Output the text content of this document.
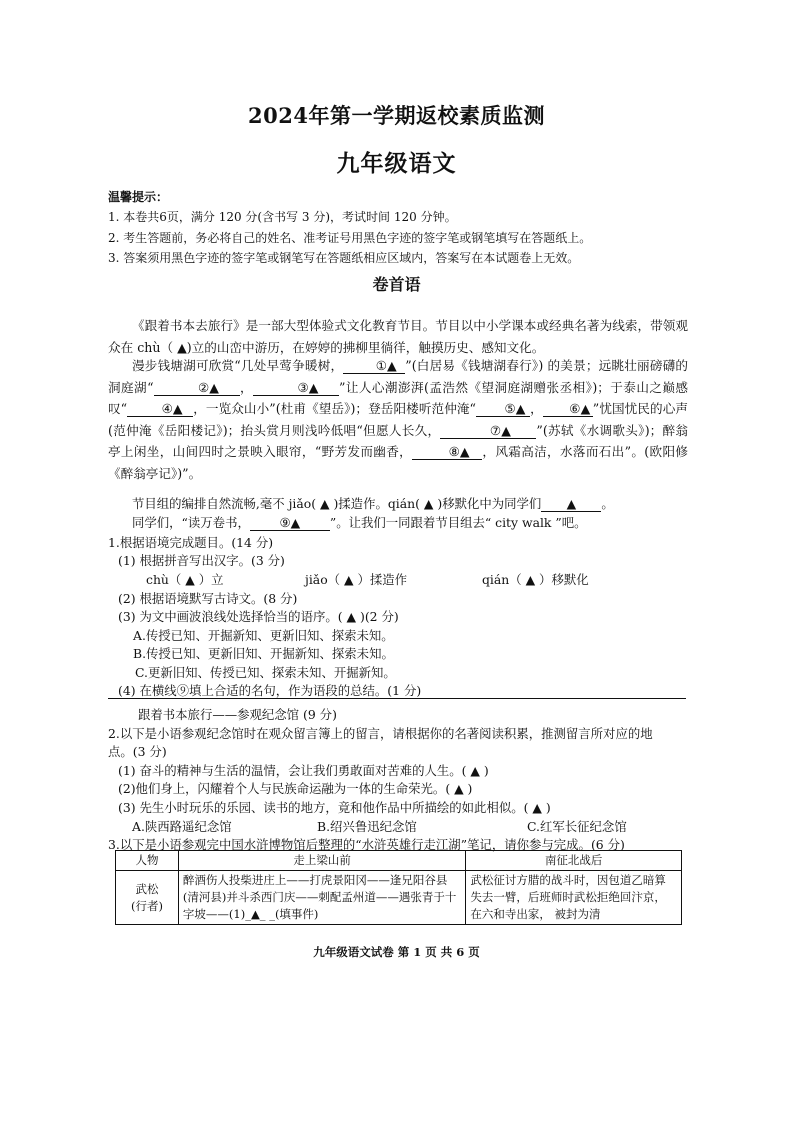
2024年第一学期返校素质监测
九年级语文
温馨提示：
1. 本卷共6页，满分 120 分(含书写 3 分)，考试时间 120 分钟。
2. 考生答题前，务必将自己的姓名、准考证号用黑色字迹的签字笔或钢笔填写在答题纸上。
3. 答案须用黑色字迹的签字笔或钢笔写在答题纸相应区域内，答案写在本试题卷上无效。
卷首语
《跟着书本去旅行》是一部大型体验式文化教育节目。节目以中小学课本或经典名著为线索，带领观众在 chù（ ▲)立的山峦中游历，在婷婷的拂柳里徜徉，触摸历史、感知文化。
漫步钱塘湖可欣赏“几处早莺争暖树，	①▲ ”(白居易《钱塘湖春行》) 的美景；远眺壮丽磅礴的洞庭湖“	②▲ ，	③▲ ”让人心潮澎湃(孟浩然《望洞庭湖赠张丞相》)；于泰山之巅感叹“	④▲ ，一览众山小”(杜甫《望岳》)；登岳阳楼听范仲淹“ ⑤▲ ， ⑥▲ ”忧国忧民的心声(范仲淹《岳阳楼记》)；抬头赏月则浅吟低唱“但愿人长久，	⑦▲ ”(苏轼《水调歌头》)；醉翁亭上闲坐，山间四时之景映入眼帘，“野芳发而幽香，	⑧▲ ，风霜高洁，水落而石出”。(欧阳修《醉翁亭记》)”。
节目组的编排自然流畅,毫不 jiǎo( ▲ )揉造作。qián( ▲ )移默化中为同学们 ▲ 。
同学们，“读万卷书， ⑨▲ ”。让我们一同跟着节目组去“ city walk ”吧。
1.根据语境完成题目。(14 分)
(1) 根据拼音写出汉字。(3 分)
chù（ ▲ ）立	jiǎo（ ▲ ）揉造作	qián（ ▲ ）移默化
(2) 根据语境默写古诗文。(8 分)
(3) 为文中画波浪线处选择恰当的语序。( ▲ )(2 分)
A.传授已知、开掘新知、更新旧知、探索未知。
B.传授已知、更新旧知、开掘新知、探索未知。
C.更新旧知、传授已知、探索未知、开掘新知。
(4) 在横线⑨填上合适的名句，作为语段的总结。(1 分)
跟着书本旅行——参观纪念馆 (9 分)
2.以下是小语参观纪念馆时在观众留言簿上的留言，请根据你的名著阅读积累，推测留言所对应的地
点。(3 分)
(1) 奋斗的精神与生活的温情，会让我们勇敢面对苦难的人生。( ▲ )
(2)他们身上，闪耀着个人与民族命运融为一体的生命荣光。( ▲ )
(3) 先生小时玩乐的乐园、读书的地方，竟和他作品中所描绘的如此相似。( ▲ )
A.陕西路遥纪念馆	B.绍兴鲁迅纪念馆	C.红军长征纪念馆
3.以下是小语参观完中国水浒博物馆后整理的“水浒英雄行走江湖”笔记，请你参与完成。(6 分)
人物	走上梁山前	南征北战后

武松
(行者)	醉酒伤人投柴进庄上——打虎景阳冈——逢兄阳谷县(清河县)并斗杀西门庆——刺配孟州道——遇张青于十字坡——(1)_▲_ _(填事件)	武松征讨方腊的战斗时，因包道乙暗算失去一臂，后班师时武松拒绝回汴京，在六和寺出家， 被封为清
九年级语文试卷 第 1 页 共 6 页
